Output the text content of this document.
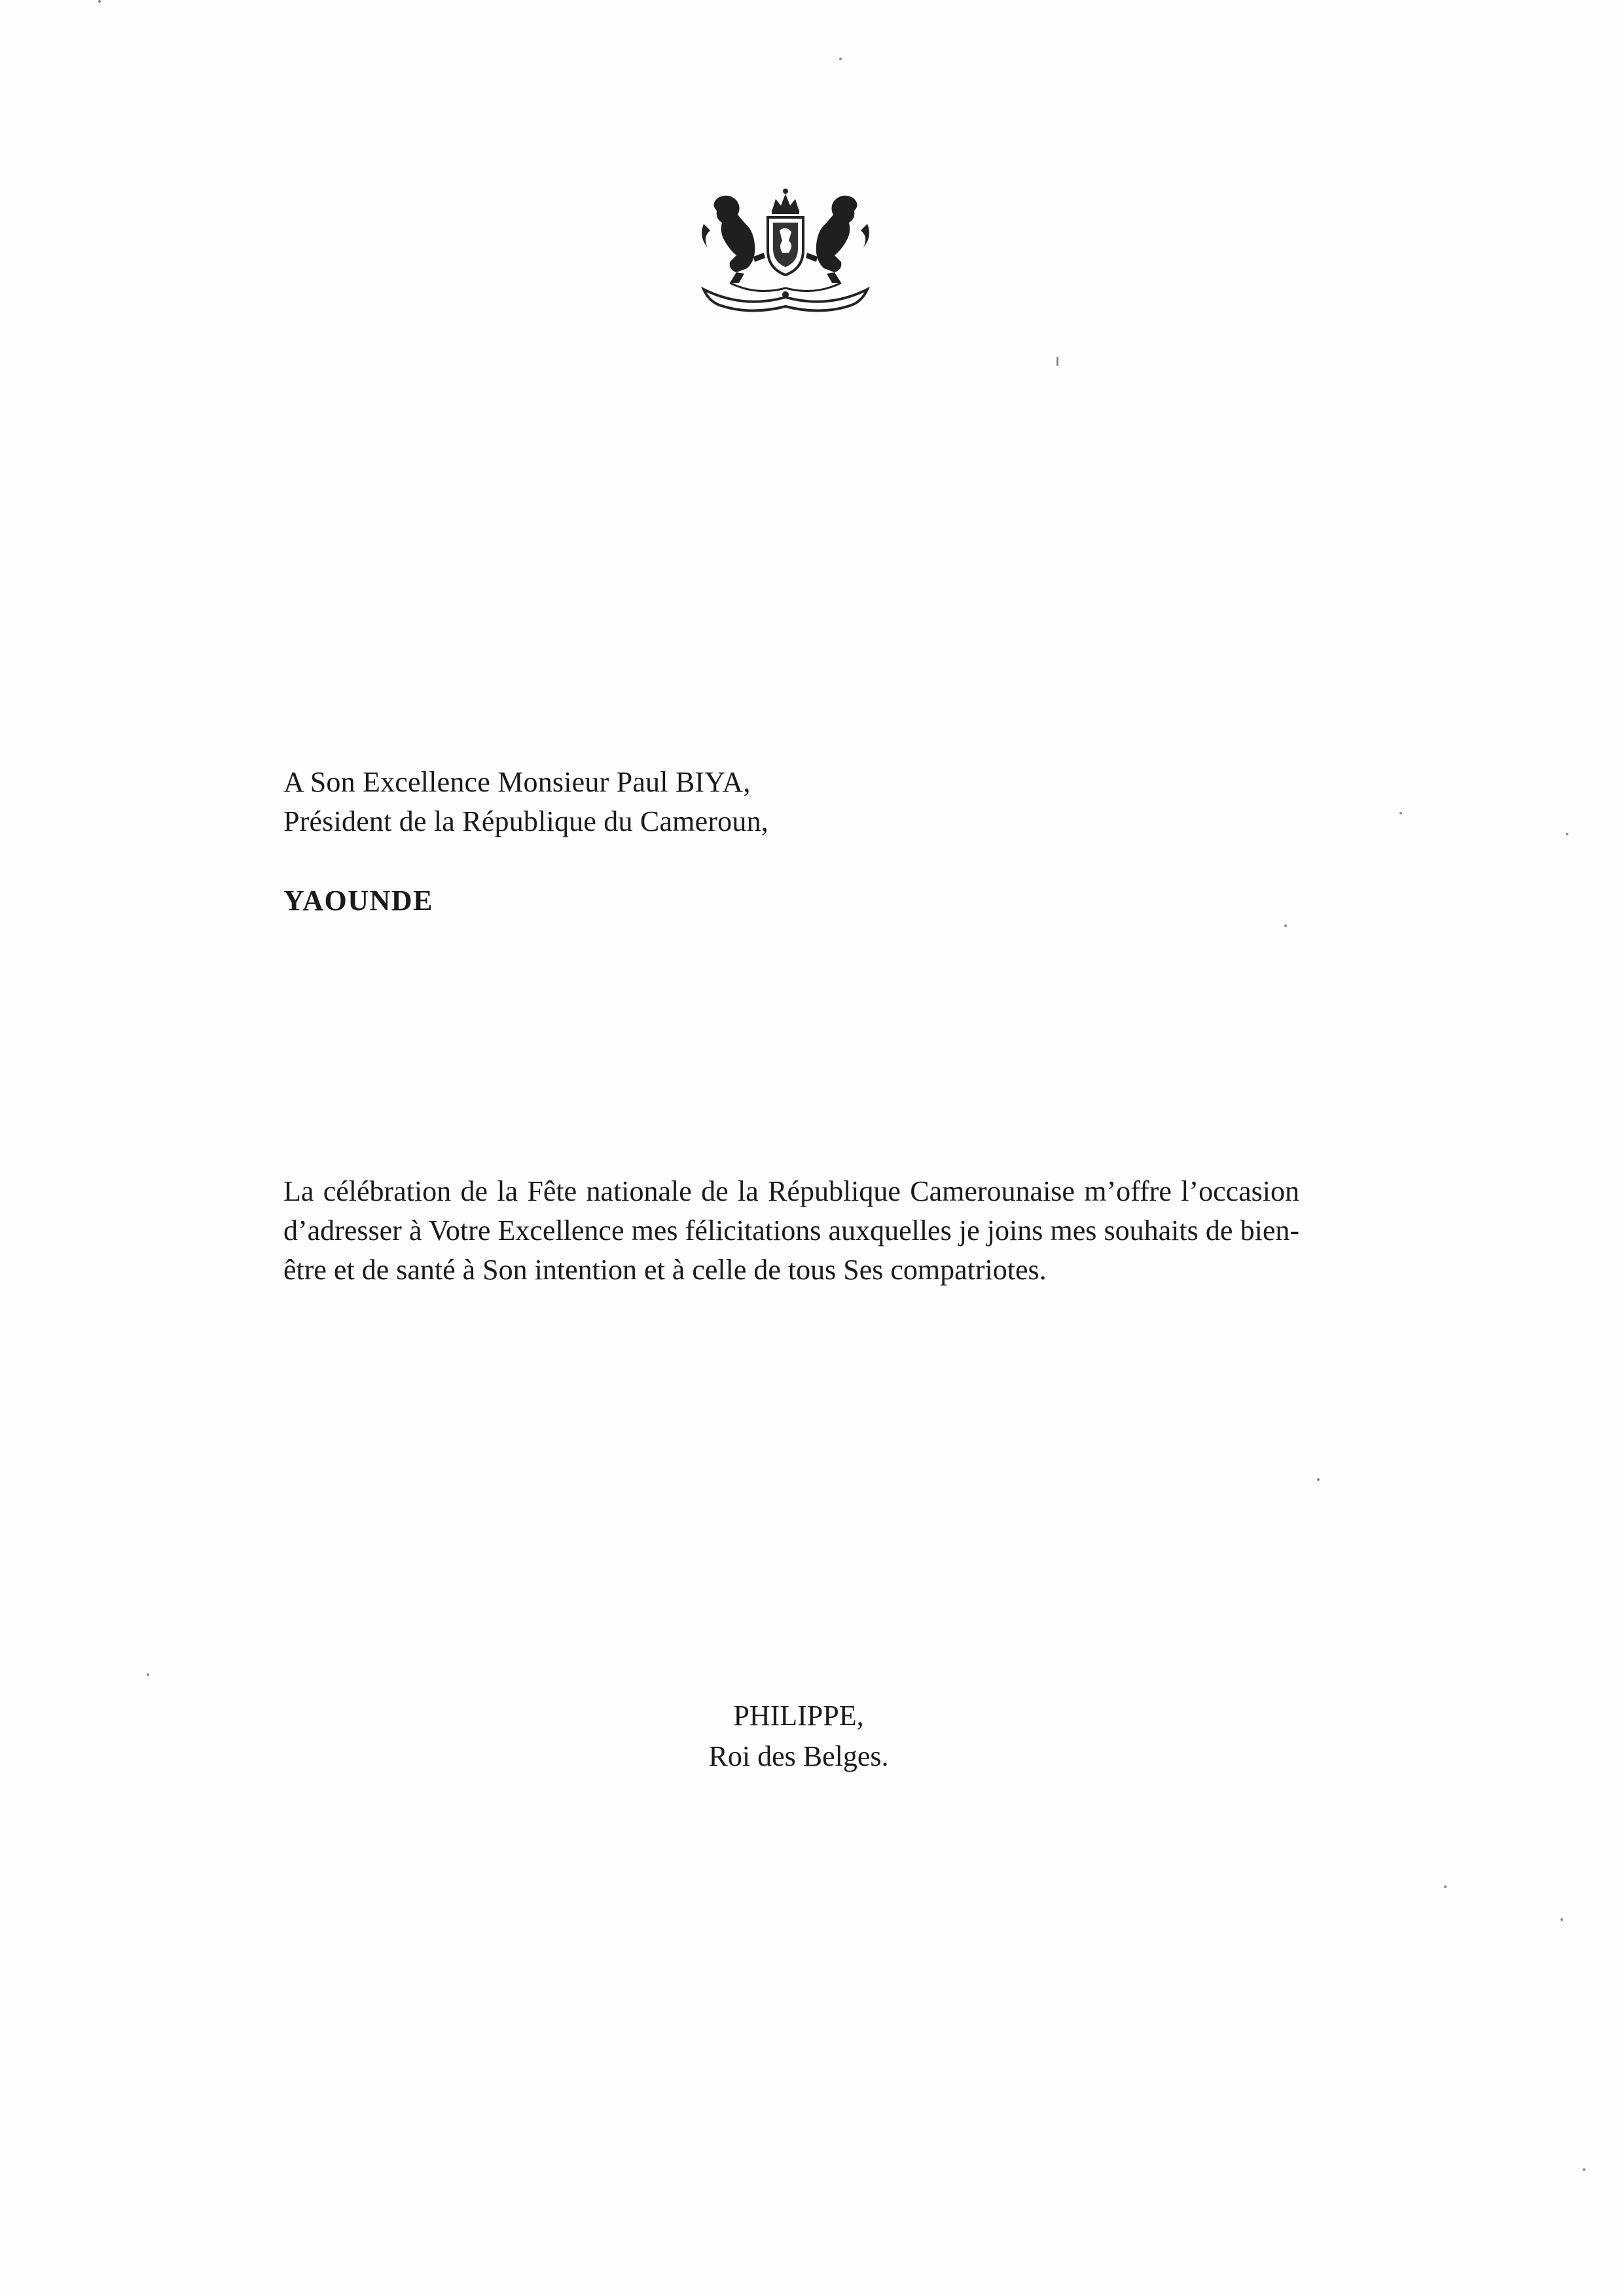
A Son Excellence Monsieur Paul BIYA,
Président de la République du Cameroun,
YAOUNDE
La célébration de la Fête nationale de la République Camerounaise m’offre l’occasion d’adresser à Votre Excellence mes félicitations auxquelles je joins mes souhaits de bien-être et de santé à Son intention et à celle de tous Ses compatriotes.
PHILIPPE,
Roi des Belges.
